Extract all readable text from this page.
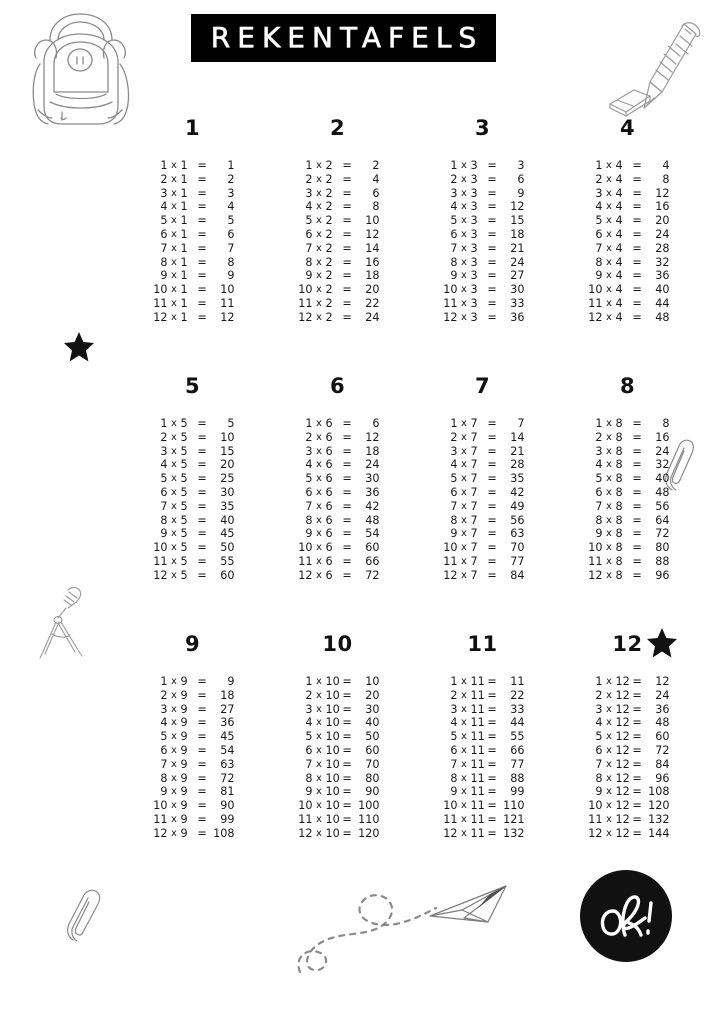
REKENTAFELS
1
1 x 1 =	1
2 x 1 =	2
3 x 1 =	3
4 x 1 =	4
5 x 1 =	5
6 x 1 =	6
7 x 1 =	7
8 x 1 =	8
9 x 1 =	9
10 x 1 =	10
11 x 1 =	11
12 x 1 =	12
2
1 x 2 =	2
2 x 2 =	4
3 x 2 =	6
4 x 2 =	8
5 x 2 =	10
6 x 2 =	12
7 x 2 =	14
8 x 2 =	16
9 x 2 =	18
10 x 2 =	20
11 x 2 =	22
12 x 2 =	24
3
1 x 3 =	3
2 x 3 =	6
3 x 3 =	9
4 x 3 =	12
5 x 3 =	15
6 x 3 =	18
7 x 3 =	21
8 x 3 =	24
9 x 3 =	27
10 x 3 =	30
11 x 3 =	33
12 x 3 =	36
4
1 x 4 =	4
2 x 4 =	8
3 x 4 =	12
4 x 4 =	16
5 x 4 =	20
6 x 4 =	24
7 x 4 =	28
8 x 4 =	32
9 x 4 =	36
10 x 4 =	40
11 x 4 =	44
12 x 4 =	48
5
1 x 5 =	5
2 x 5 =	10
3 x 5 =	15
4 x 5 =	20
5 x 5 =	25
6 x 5 =	30
7 x 5 =	35
8 x 5 =	40
9 x 5 =	45
10 x 5 =	50
11 x 5 =	55
12 x 5 =	60
6
1 x 6 =	6
2 x 6 =	12
3 x 6 =	18
4 x 6 =	24
5 x 6 =	30
6 x 6 =	36
7 x 6 =	42
8 x 6 =	48
9 x 6 =	54
10 x 6 =	60
11 x 6 =	66
12 x 6 =	72
7
1 x 7 =	7
2 x 7 =	14
3 x 7 =	21
4 x 7 =	28
5 x 7 =	35
6 x 7 =	42
7 x 7 =	49
8 x 7 =	56
9 x 7 =	63
10 x 7 =	70
11 x 7 =	77
12 x 7 =	84
8
1 x 8 =	8
2 x 8 =	16
3 x 8 =	24
4 x 8 =	32
5 x 8 =	40
6 x 8 =	48
7 x 8 =	56
8 x 8 =	64
9 x 8 =	72
10 x 8 =	80
11 x 8 =	88
12 x 8 =	96
9
1 x 9 =	9
2 x 9 =	18
3 x 9 =	27
4 x 9 =	36
5 x 9 =	45
6 x 9 =	54
7 x 9 =	63
8 x 9 =	72
9 x 9 =	81
10 x 9 =	90
11 x 9 =	99
12 x 9 = 108
10
1 x 10 =	10
2 x 10 =	20
3 x 10 =	30
4 x 10 =	40
5 x 10 =	50
6 x 10 =	60
7 x 10 =	70
8 x 10 =	80
9 x 10 =	90
10 x 10 = 100
11 x 10 = 110
12 x 10 = 120
11
1 x 11 =	11
2 x 11 =	22
3 x 11 =	33
4 x 11 =	44
5 x 11 =	55
6 x 11 =	66
7 x 11 =	77
8 x 11 =	88
9 x 11 =	99
10 x 11 = 110
11 x 11 = 121
12 x 11 = 132
12
1 x 12 =	12
2 x 12 =	24
3 x 12 =	36
4 x 12 =	48
5 x 12 =	60
6 x 12 =	72
7 x 12 =	84
8 x 12 =	96
9 x 12 = 108
10 x 12 = 120
11 x 12 = 132
12 x 12 = 144
